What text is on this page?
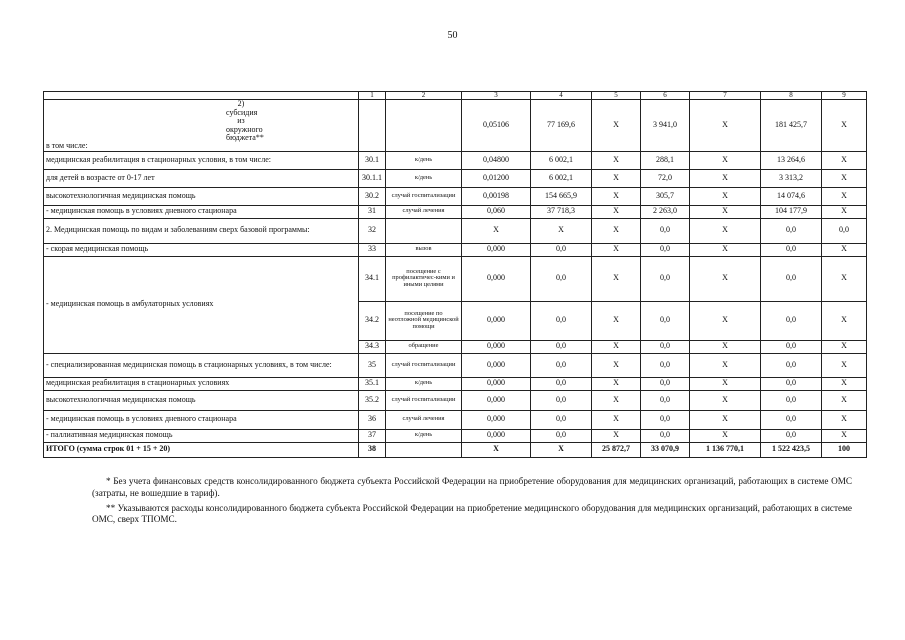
50
	1	2	3	4	5	6	7	8	9

2) субсидия из окружного бюджета**
в том числе:			0,05106	77 169,6	Х	3 941,0	Х	181 425,7	Х
медицинская реабилитация в стационарных условия, в том числе:	30.1	к/день	0,04800	6 002,1	Х	288,1	Х	13 264,6	Х
для детей в возрасте от 0-17 лет	30.1.1	к/день	0,01200	6 002,1	Х	72,0	Х	3 313,2	Х
высокотехнологичная медицинская помощь	30.2	случай госпитализации	0,00198	154 665,9	Х	305,7	Х	14 074,6	Х
- медицинская помощь в условиях дневного стационара	31	случай лечения	0,060	37 718,3	Х	2 263,0	Х	104 177,9	Х
2. Медицинская помощь по видам и заболеваниям сверх базовой программы:	32		Х	Х	Х	0,0	Х	0,0	0,0
- скорая медицинская помощь	33	вызов	0,000	0,0	Х	0,0	Х	0,0	Х
- медицинская помощь в амбулаторных условиях	34.1	посещение с профилактичес-кими и иными целями	0,000	0,0	Х	0,0	Х	0,0	Х
	34.2	посещение по неотложной медицинской помощи	0,000	0,0	Х	0,0	Х	0,0	Х
	34.3	обращение	0,000	0,0	Х	0,0	Х	0,0	Х
- специализированная медицинская помощь в стационарных условиях, в том числе:	35	случай госпитализации	0,000	0,0	Х	0,0	Х	0,0	Х
медицинская реабилитация в стационарных условиях	35.1	к/день	0,000	0,0	Х	0,0	Х	0,0	Х
высокотехнологичная медицинская помощь	35.2	случай госпитализации	0,000	0,0	Х	0,0	Х	0,0	Х
- медицинская помощь в условиях дневного стационара	36	случай лечения	0,000	0,0	Х	0,0	Х	0,0	Х
- паллиативная медицинская помощь	37	к/день	0,000	0,0	Х	0,0	Х	0,0	Х
ИТОГО (сумма строк 01 + 15 + 20)	38		Х	Х	25 872,7	33 070,9	1 136 770,1	1 522 423,5	100

* Без учета финансовых средств консолидированного бюджета субъекта Российской Федерации на приобретение оборудования для медицинских организаций, работающих в системе ОМС (затраты, не вошедшие в тариф).

** Указываются расходы консолидированного бюджета субъекта Российской Федерации на приобретение медицинского оборудования для медицинских организаций, работающих в системе ОМС, сверх ТПОМС.
